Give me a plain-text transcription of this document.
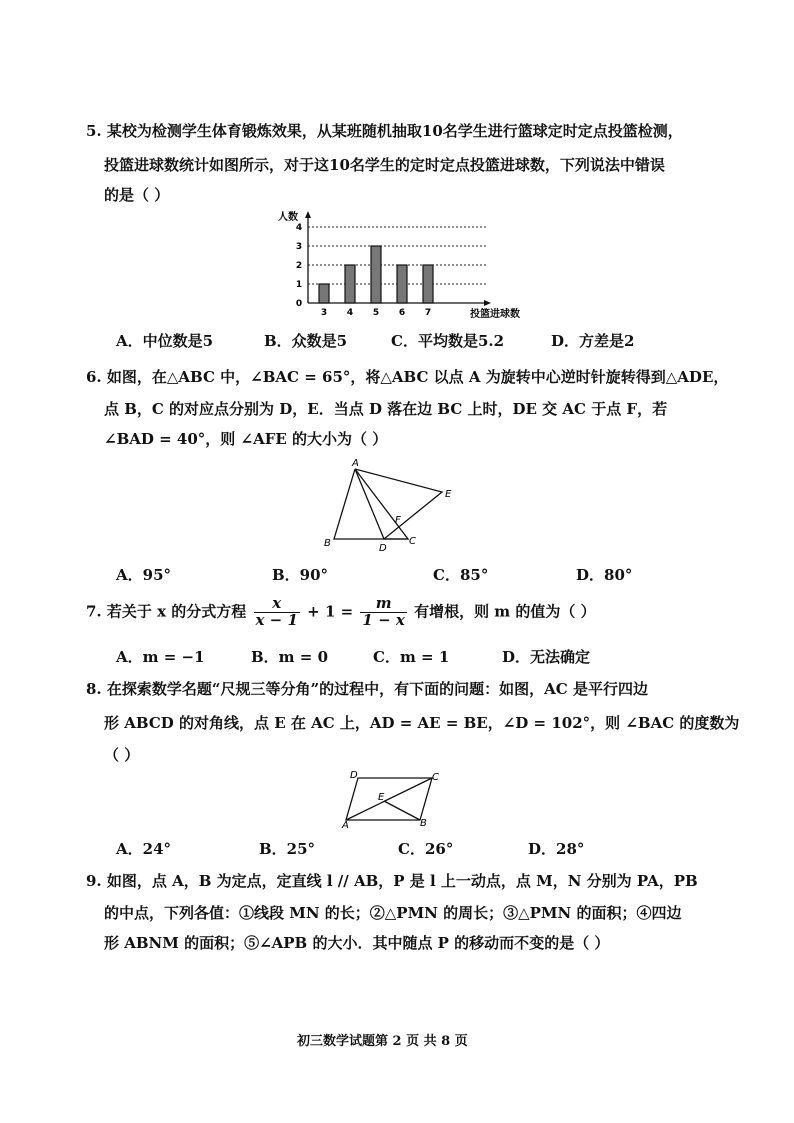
5. 某校为检测学生体育锻炼效果，从某班随机抽取10名学生进行篮球定时定点投篮检测，
投篮进球数统计如图所示，对于这10名学生的定时定点投篮进球数，下列说法中错误
的是（ ）
0
1
2
3
4
人数
投篮进球数
3 4 5 6 7
A．中位数是5	B．众数是5	C．平均数是5.2	D．方差是2
6. 如图，在△ABC 中，∠BAC = 65°，将△ABC 以点 A 为旋转中心逆时针旋转得到△ADE，
点 B，C 的对应点分别为 D，E．当点 D 落在边 BC 上时，DE 交 AC 于点 F，若
∠BAD = 40°，则 ∠AFE 的大小为（ ）
A
B	C
D
E
F
A．95°	B．90°	C．85°	D．80°
7. 若关于 x 的分式方程 $\frac{x}{x - 1} + 1 = \frac{m}{1 - x}$ 有增根，则 m 的值为（ ）
A．m = −1	B．m = 0	C．m = 1	D．无法确定
8. 在探索数学名题“尺规三等分角”的过程中，有下面的问题：如图，AC 是平行四边
形 ABCD 的对角线，点 E 在 AC 上，AD = AE = BE，∠D = 102°，则 ∠BAC 的度数为
（ ）
D	C
A	B
E
A．24°	B．25°	C．26°	D．28°
9. 如图，点 A，B 为定点，定直线 l // AB，P 是 l 上一动点，点 M，N 分别为 PA，PB
的中点，下列各值：①线段 MN 的长；②△PMN 的周长；③△PMN 的面积；④四边
形 ABNM 的面积；⑤∠APB 的大小．其中随点 P 的移动而不变的是（ ）
初三数学试题第 2 页 共 8 页
